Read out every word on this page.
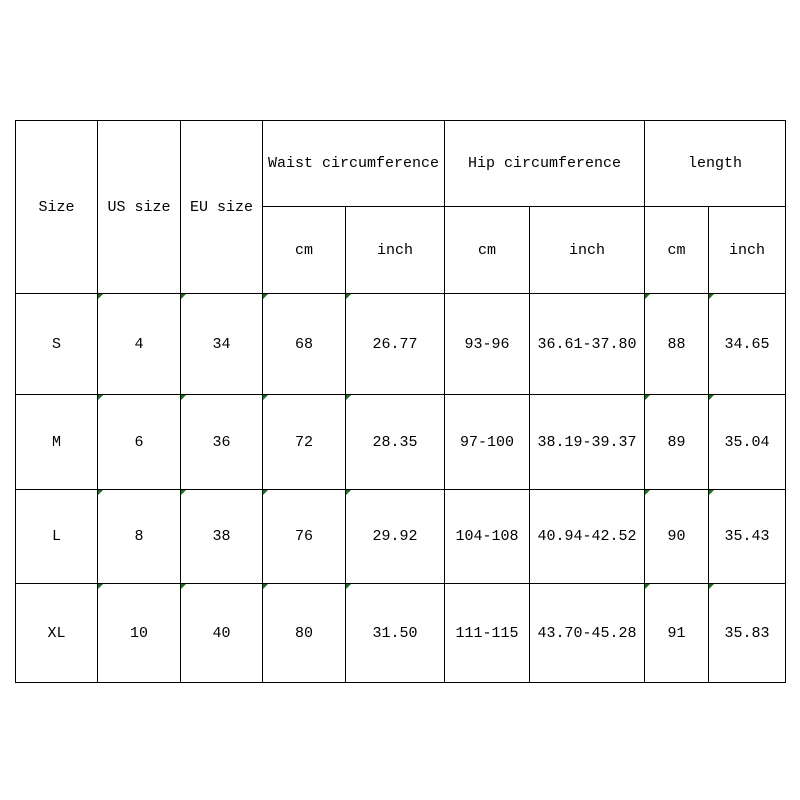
Size	US size	EU size	Waist circumference		Hip circumference		length	
			cm	inch	cm	inch	cm	inch
S	4	34	68	26.77	93-96	36.61-37.80	88	34.65
M	6	36	72	28.35	97-100	38.19-39.37	89	35.04
L	8	38	76	29.92	104-108	40.94-42.52	90	35.43
XL	10	40	80	31.50	111-115	43.70-45.28	91	35.83
